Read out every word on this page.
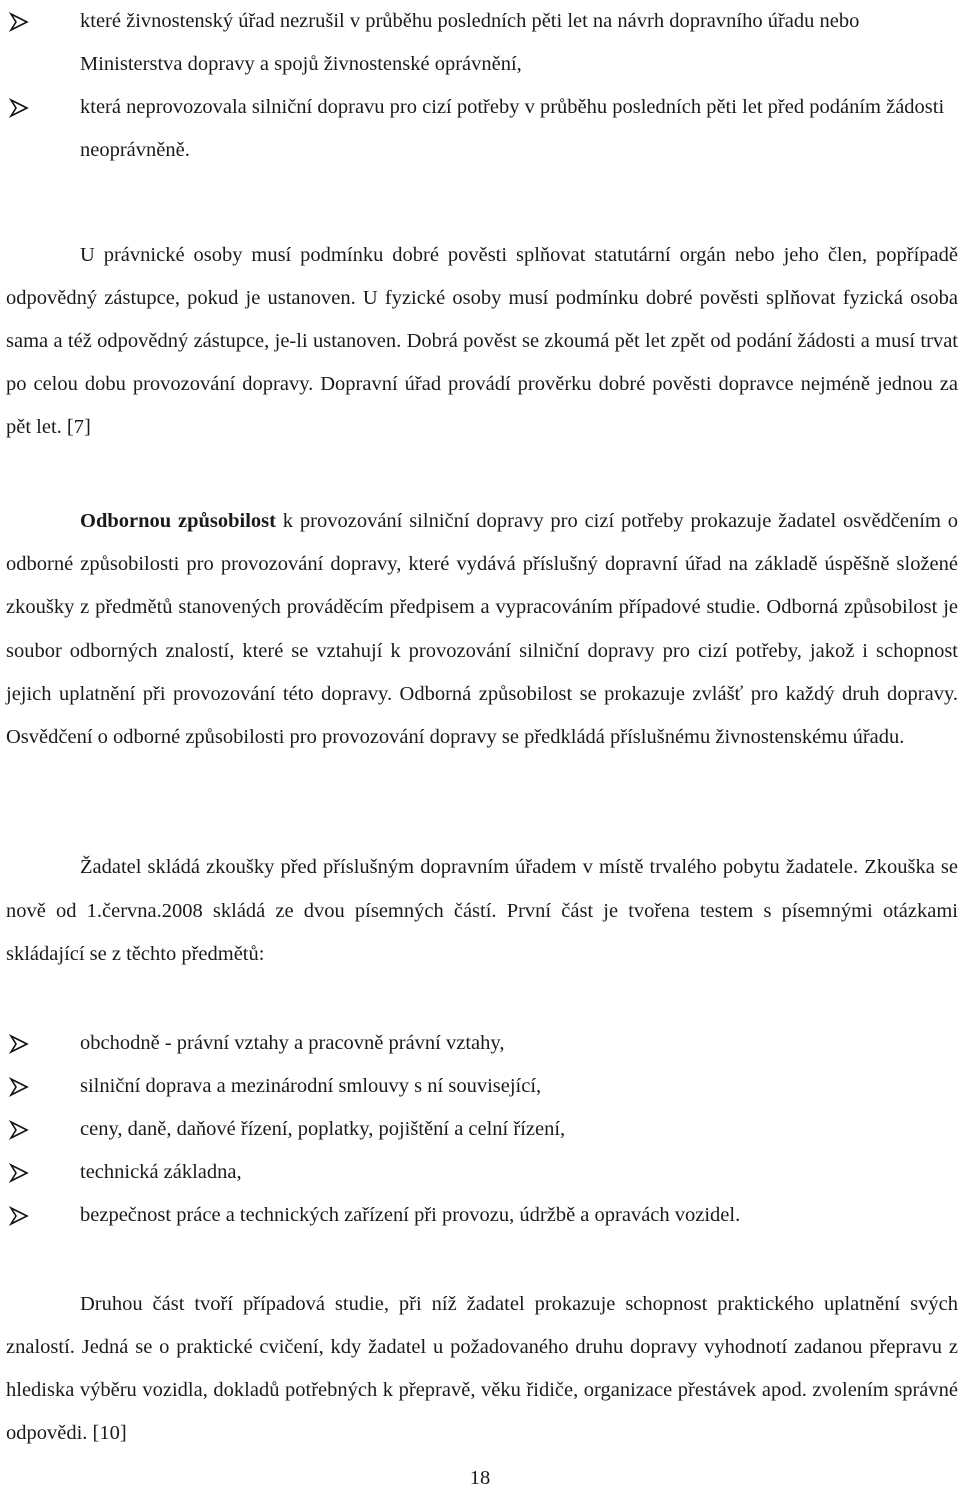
které živnostenský úřad nezrušil v průběhu posledních pěti let na návrh dopravního úřadu nebo Ministerstva dopravy a spojů živnostenské oprávnění,
která neprovozovala silniční dopravu pro cizí potřeby v průběhu posledních pěti let před podáním žádosti neoprávněně.

U právnické osoby musí podmínku dobré pověsti splňovat statutární orgán nebo jeho člen, popřípadě odpovědný zástupce, pokud je ustanoven. U fyzické osoby musí podmínku dobré pověsti splňovat fyzická osoba sama a též odpovědný zástupce, je-li ustanoven. Dobrá pověst se zkoumá pět let zpět od podání žádosti a musí trvat po celou dobu provozování dopravy. Dopravní úřad provádí prověrku dobré pověsti dopravce nejméně jednou za pět let. [7]

Odbornou způsobilost k provozování silniční dopravy pro cizí potřeby prokazuje žadatel osvědčením o odborné způsobilosti pro provozování dopravy, které vydává příslušný dopravní úřad na základě úspěšně složené zkoušky z předmětů stanovených prováděcím předpisem a vypracováním případové studie. Odborná způsobilost je soubor odborných znalostí, které se vztahují k provozování silniční dopravy pro cizí potřeby, jakož i schopnost jejich uplatnění při provozování této dopravy. Odborná způsobilost se prokazuje zvlášť pro každý druh dopravy. Osvědčení o odborné způsobilosti pro provozování dopravy se předkládá příslušnému živnostenskému úřadu.

Žadatel skládá zkoušky před příslušným dopravním úřadem v místě trvalého pobytu žadatele. Zkouška se nově od 1.června.2008 skládá ze dvou písemných částí. První část je tvořena testem s písemnými otázkami skládající se z těchto předmětů:

obchodně - právní vztahy a pracovně právní vztahy,
silniční doprava a mezinárodní smlouvy s ní související,
ceny, daně, daňové řízení, poplatky, pojištění a celní řízení,
technická základna,
bezpečnost práce a technických zařízení při provozu, údržbě a opravách vozidel.

Druhou část tvoří případová studie, při níž žadatel prokazuje schopnost praktického uplatnění svých znalostí. Jedná se o praktické cvičení, kdy žadatel u požadovaného druhu dopravy vyhodnotí zadanou přepravu z hlediska výběru vozidla, dokladů potřebných k přepravě, věku řidiče, organizace přestávek apod. zvolením správné odpovědi. [10]

18
